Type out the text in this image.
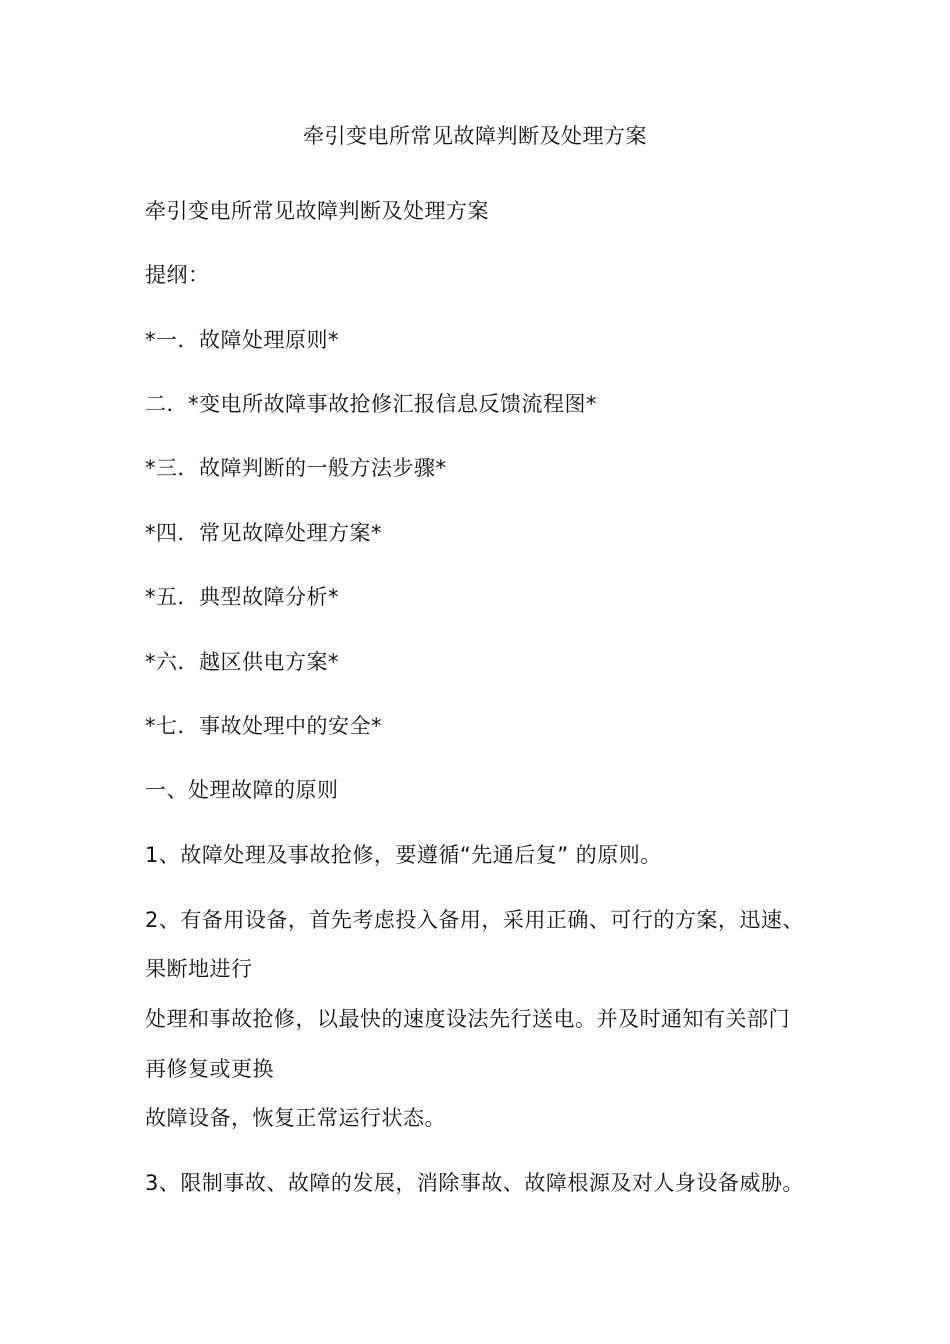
牵引变电所常见故障判断及处理方案
牵引变电所常见故障判断及处理方案
提纲：
*一．故障处理原则*
二．*变电所故障事故抢修汇报信息反馈流程图*
*三．故障判断的一般方法步骤*
*四．常见故障处理方案*
*五．典型故障分析*
*六．越区供电方案*
*七．事故处理中的安全*
一、处理故障的原则
1、故障处理及事故抢修，要遵循“先通后复” 的原则。
2、有备用设备，首先考虑投入备用，采用正确、可行的方案，迅速、
果断地进行
处理和事故抢修，以最快的速度设法先行送电。并及时通知有关部门
再修复或更换
故障设备，恢复正常运行状态。
3、限制事故、故障的发展，消除事故、故障根源及对人身设备威胁。
